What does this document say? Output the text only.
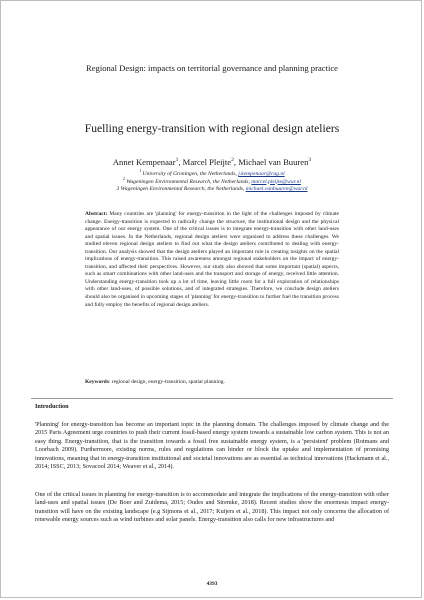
Regional Design: impacts on territorial governance and planning practice
Fuelling energy-transition with regional design ateliers
Annet Kempenaar$^1$, Marcel Pleijte$^2$, Michael van Buuren$^3$
$^1$ University of Groningen, the Netherlands, j.kempenaar@rug.nl
$^2$ Wageningen Environmental Research, the Netherlands, marcel.pleijte@wur.nl
3 Wageningen Environmental Research, the Netherlands, michael.vanbuuren@wur.nl
Abstract: Many countries are 'planning' for energy-transition in the light of the challenges imposed by climate change. Energy-transition is expected to radically change the structure, the institutional design and the physical appearance of our energy system. One of the critical issues is to integrate energy-transition with other land-uses and spatial issues. In the Netherlands, regional design ateliers were organised to address these challenges. We studied eleven regional design ateliers to find out what the design ateliers contributed to dealing with energy-transition. Our analysis showed that the design ateliers played an important role in creating insights on the spatial implications of energy-transition. This raised awareness amongst regional stakeholders on the impact of energy-transition, and affected their perspectives. However, our study also showed that some important (spatial) aspects, such as smart combinations with other land-uses and the transport and storage of energy, received little attention. Understanding energy-transition took up a lot of time, leaving little room for a full exploration of relationships with other land-uses, of possible solutions, and of integrated strategies. Therefore, we conclude design ateliers should also be organised in upcoming stages of 'planning' for energy-transition to further fuel the transition process and fully employ the benefits of regional design ateliers.
Keywords: regional design, energy-transition, spatial planning.
Introduction
'Planning' for energy-transition has become an important topic in the planning domain. The challenges imposed by climate change and the 2015 Paris Agreement urge countries to push their current fossil-based energy system towards a sustainable low carbon system. This is not an easy thing. Energy-transition, that is the transition towards a fossil free sustainable energy system, is a 'persistent' problem (Rotmans and Loorbach 2009). Furthermore, existing norms, rules and regulations can hinder or block the uptake and implementation of promising innovations, meaning that in energy-transition institutional and societal innovations are as essential as technical innovations (Hackmann et al., 2014; ISSC, 2013; Sovacool 2014; Weaver et al., 2014).
One of the critical issues in planning for energy-transition is to accommodate and integrate the implications of the energy-transition with other land-uses and spatial issues (De Boer and Zuidema, 2015; Oudes and Stremke, 2018). Recent studies show the enormous impact energy-transition will have on the existing landscape (e.g Sijmons et al., 2017; Kuijers et al., 2018). This impact not only concerns the allocation of renewable energy sources such as wind turbines and solar panels. Energy-transition also calls for new infrastructures and
4393
